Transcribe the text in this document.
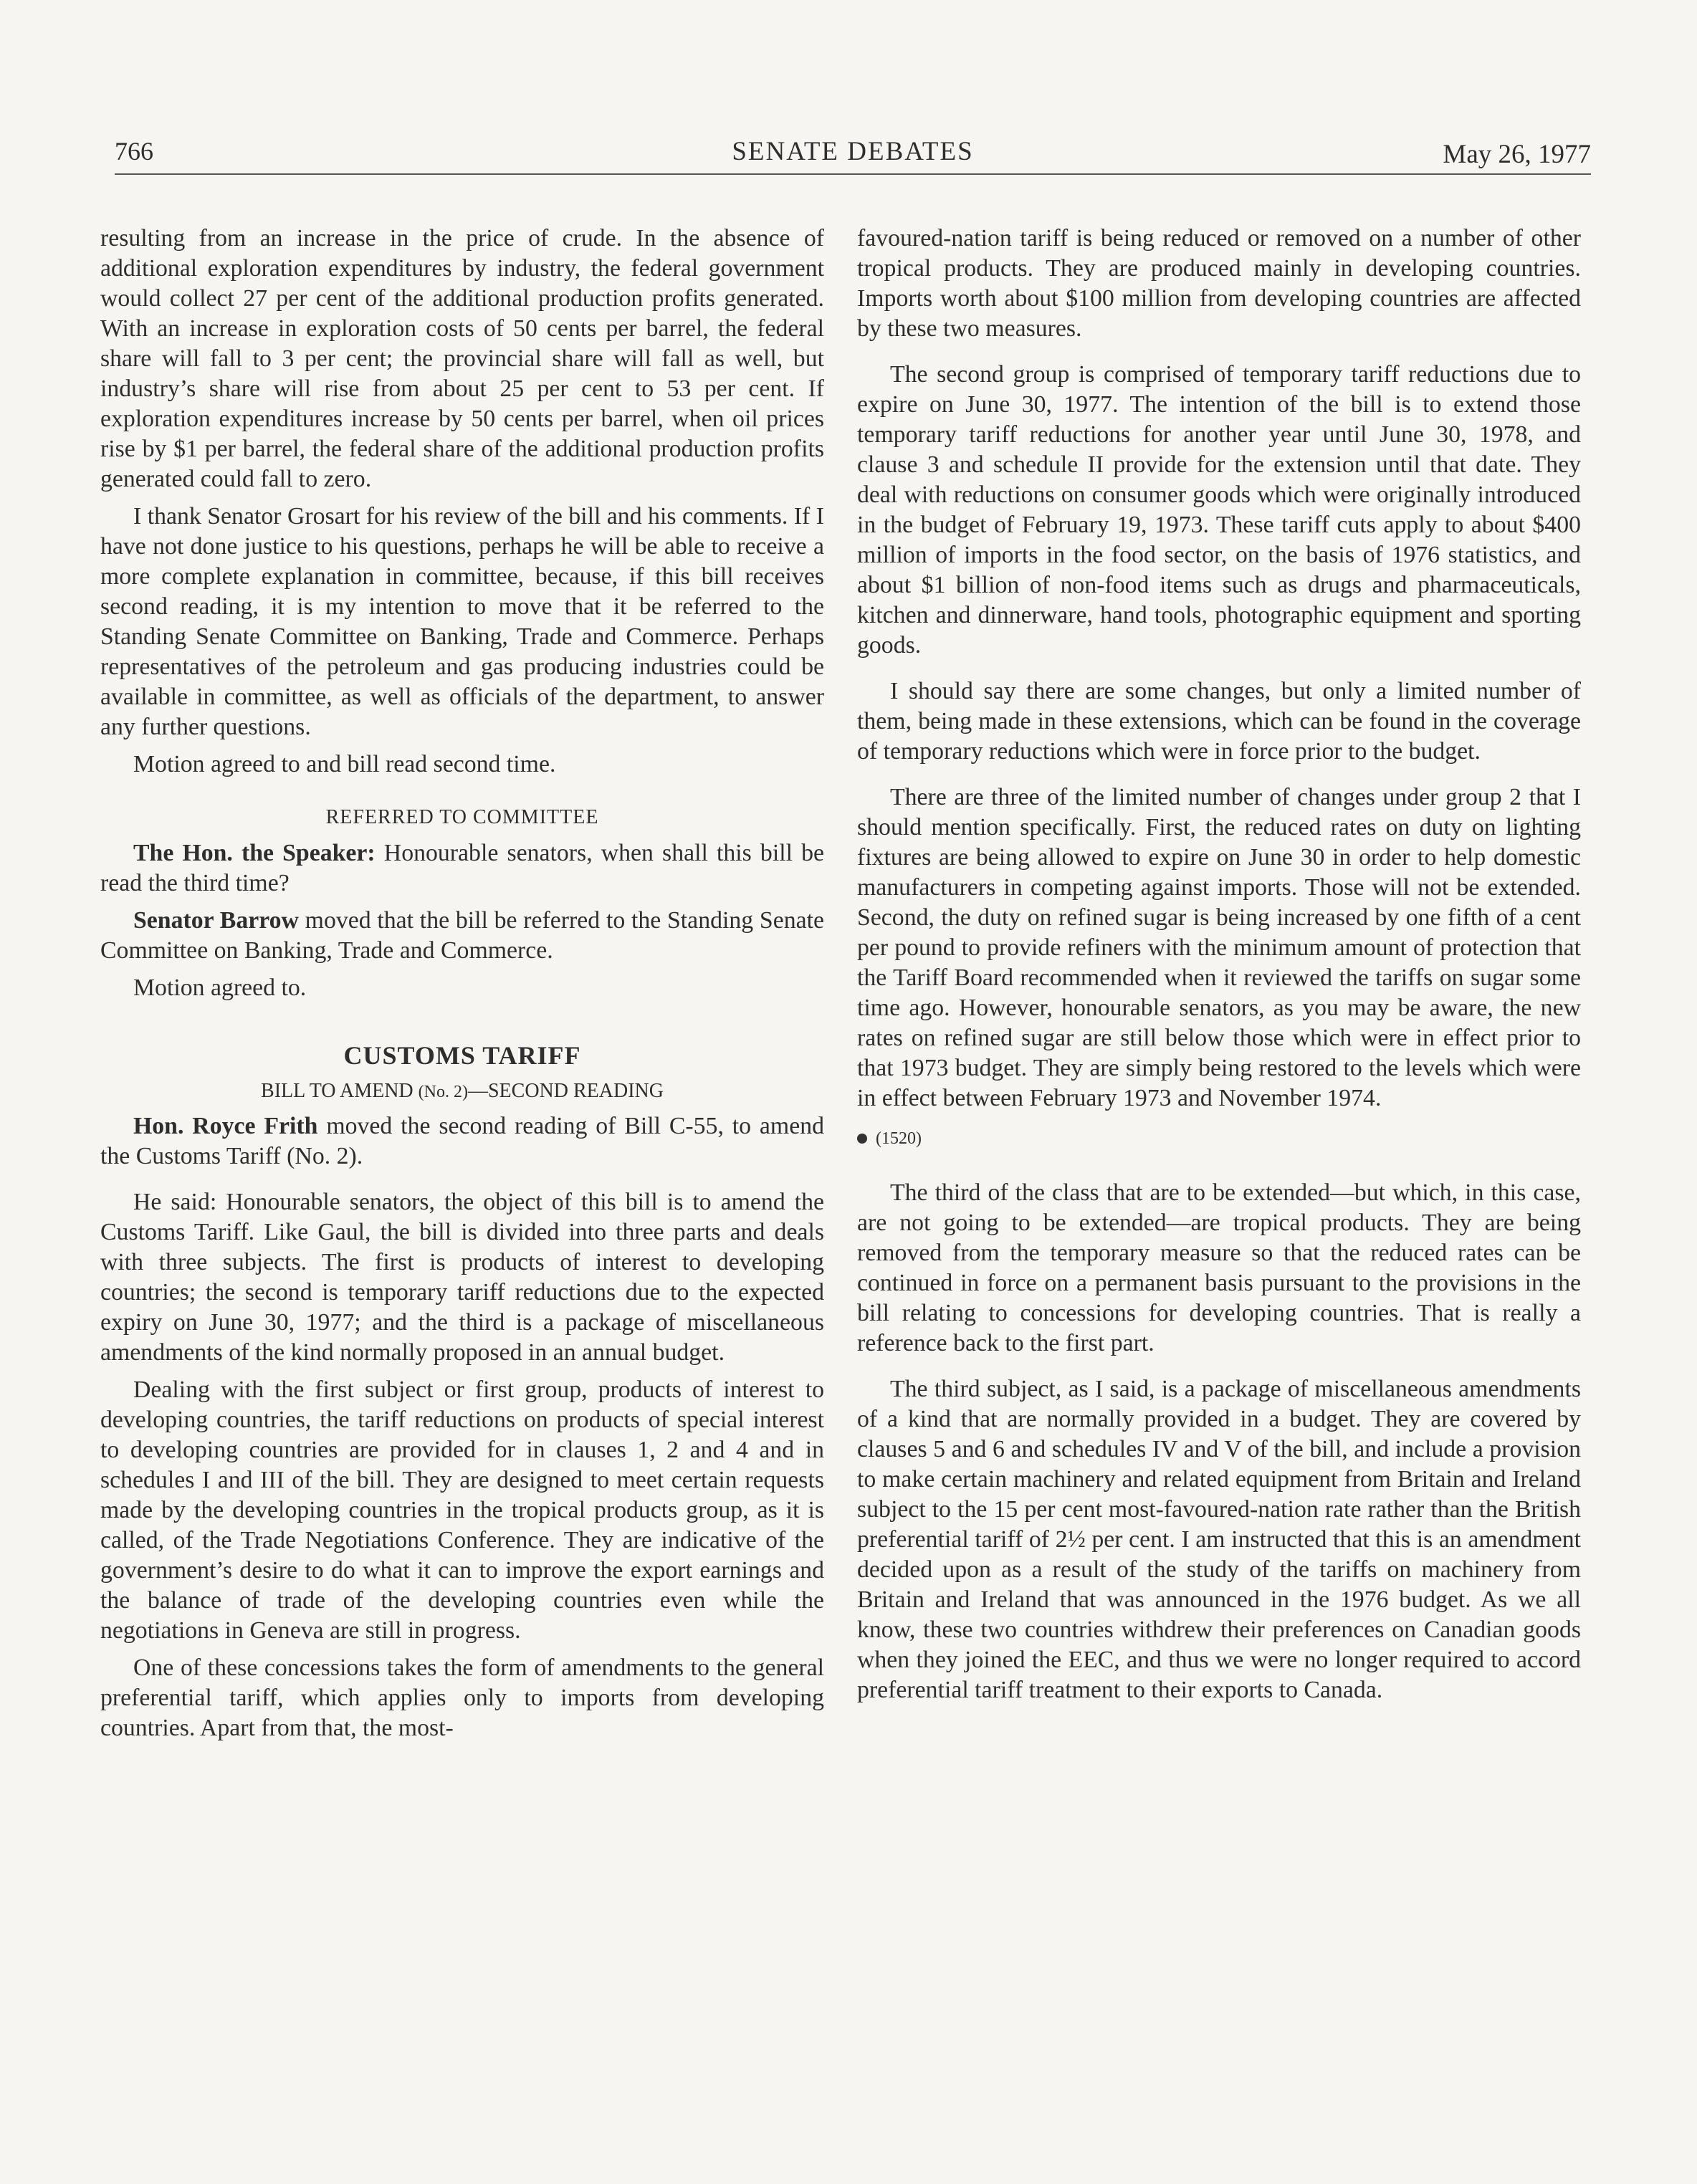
766	SENATE DEBATES	May 26, 1977

resulting from an increase in the price of crude. In the absence of additional exploration expenditures by industry, the federal government would collect 27 per cent of the additional production profits generated. With an increase in exploration costs of 50 cents per barrel, the federal share will fall to 3 per cent; the provincial share will fall as well, but industry’s share will rise from about 25 per cent to 53 per cent. If exploration expenditures increase by 50 cents per barrel, when oil prices rise by $1 per barrel, the federal share of the additional production profits generated could fall to zero.

I thank Senator Grosart for his review of the bill and his comments. If I have not done justice to his questions, perhaps he will be able to receive a more complete explanation in committee, because, if this bill receives second reading, it is my intention to move that it be referred to the Standing Senate Committee on Banking, Trade and Commerce. Perhaps representatives of the petroleum and gas producing industries could be available in committee, as well as officials of the department, to answer any further questions.

Motion agreed to and bill read second time.

REFERRED TO COMMITTEE

The Hon. the Speaker: Honourable senators, when shall this bill be read the third time?

Senator Barrow moved that the bill be referred to the Standing Senate Committee on Banking, Trade and Commerce.

Motion agreed to.

CUSTOMS TARIFF
BILL TO AMEND (No. 2)—SECOND READING

Hon. Royce Frith moved the second reading of Bill C-55, to amend the Customs Tariff (No. 2).

He said: Honourable senators, the object of this bill is to amend the Customs Tariff. Like Gaul, the bill is divided into three parts and deals with three subjects. The first is products of interest to developing countries; the second is temporary tariff reductions due to the expected expiry on June 30, 1977; and the third is a package of miscellaneous amendments of the kind normally proposed in an annual budget.

Dealing with the first subject or first group, products of interest to developing countries, the tariff reductions on products of special interest to developing countries are provided for in clauses 1, 2 and 4 and in schedules I and III of the bill. They are designed to meet certain requests made by the developing countries in the tropical products group, as it is called, of the Trade Negotiations Conference. They are indicative of the government’s desire to do what it can to improve the export earnings and the balance of trade of the developing countries even while the negotiations in Geneva are still in progress.

One of these concessions takes the form of amendments to the general preferential tariff, which applies only to imports from developing countries. Apart from that, the most-

favoured-nation tariff is being reduced or removed on a number of other tropical products. They are produced mainly in developing countries. Imports worth about $100 million from developing countries are affected by these two measures.

The second group is comprised of temporary tariff reductions due to expire on June 30, 1977. The intention of the bill is to extend those temporary tariff reductions for another year until June 30, 1978, and clause 3 and schedule II provide for the extension until that date. They deal with reductions on consumer goods which were originally introduced in the budget of February 19, 1973. These tariff cuts apply to about $400 million of imports in the food sector, on the basis of 1976 statistics, and about $1 billion of non-food items such as drugs and pharmaceuticals, kitchen and dinnerware, hand tools, photographic equipment and sporting goods.

I should say there are some changes, but only a limited number of them, being made in these extensions, which can be found in the coverage of temporary reductions which were in force prior to the budget.

There are three of the limited number of changes under group 2 that I should mention specifically. First, the reduced rates on duty on lighting fixtures are being allowed to expire on June 30 in order to help domestic manufacturers in competing against imports. Those will not be extended. Second, the duty on refined sugar is being increased by one fifth of a cent per pound to provide refiners with the minimum amount of protection that the Tariff Board recommended when it reviewed the tariffs on sugar some time ago. However, honourable senators, as you may be aware, the new rates on refined sugar are still below those which were in effect prior to that 1973 budget. They are simply being restored to the levels which were in effect between February 1973 and November 1974.

(1520)

The third of the class that are to be extended—but which, in this case, are not going to be extended—are tropical products. They are being removed from the temporary measure so that the reduced rates can be continued in force on a permanent basis pursuant to the provisions in the bill relating to concessions for developing countries. That is really a reference back to the first part.

The third subject, as I said, is a package of miscellaneous amendments of a kind that are normally provided in a budget. They are covered by clauses 5 and 6 and schedules IV and V of the bill, and include a provision to make certain machinery and related equipment from Britain and Ireland subject to the 15 per cent most-favoured-nation rate rather than the British preferential tariff of 2½ per cent. I am instructed that this is an amendment decided upon as a result of the study of the tariffs on machinery from Britain and Ireland that was announced in the 1976 budget. As we all know, these two countries withdrew their preferences on Canadian goods when they joined the EEC, and thus we were no longer required to accord preferential tariff treatment to their exports to Canada.
